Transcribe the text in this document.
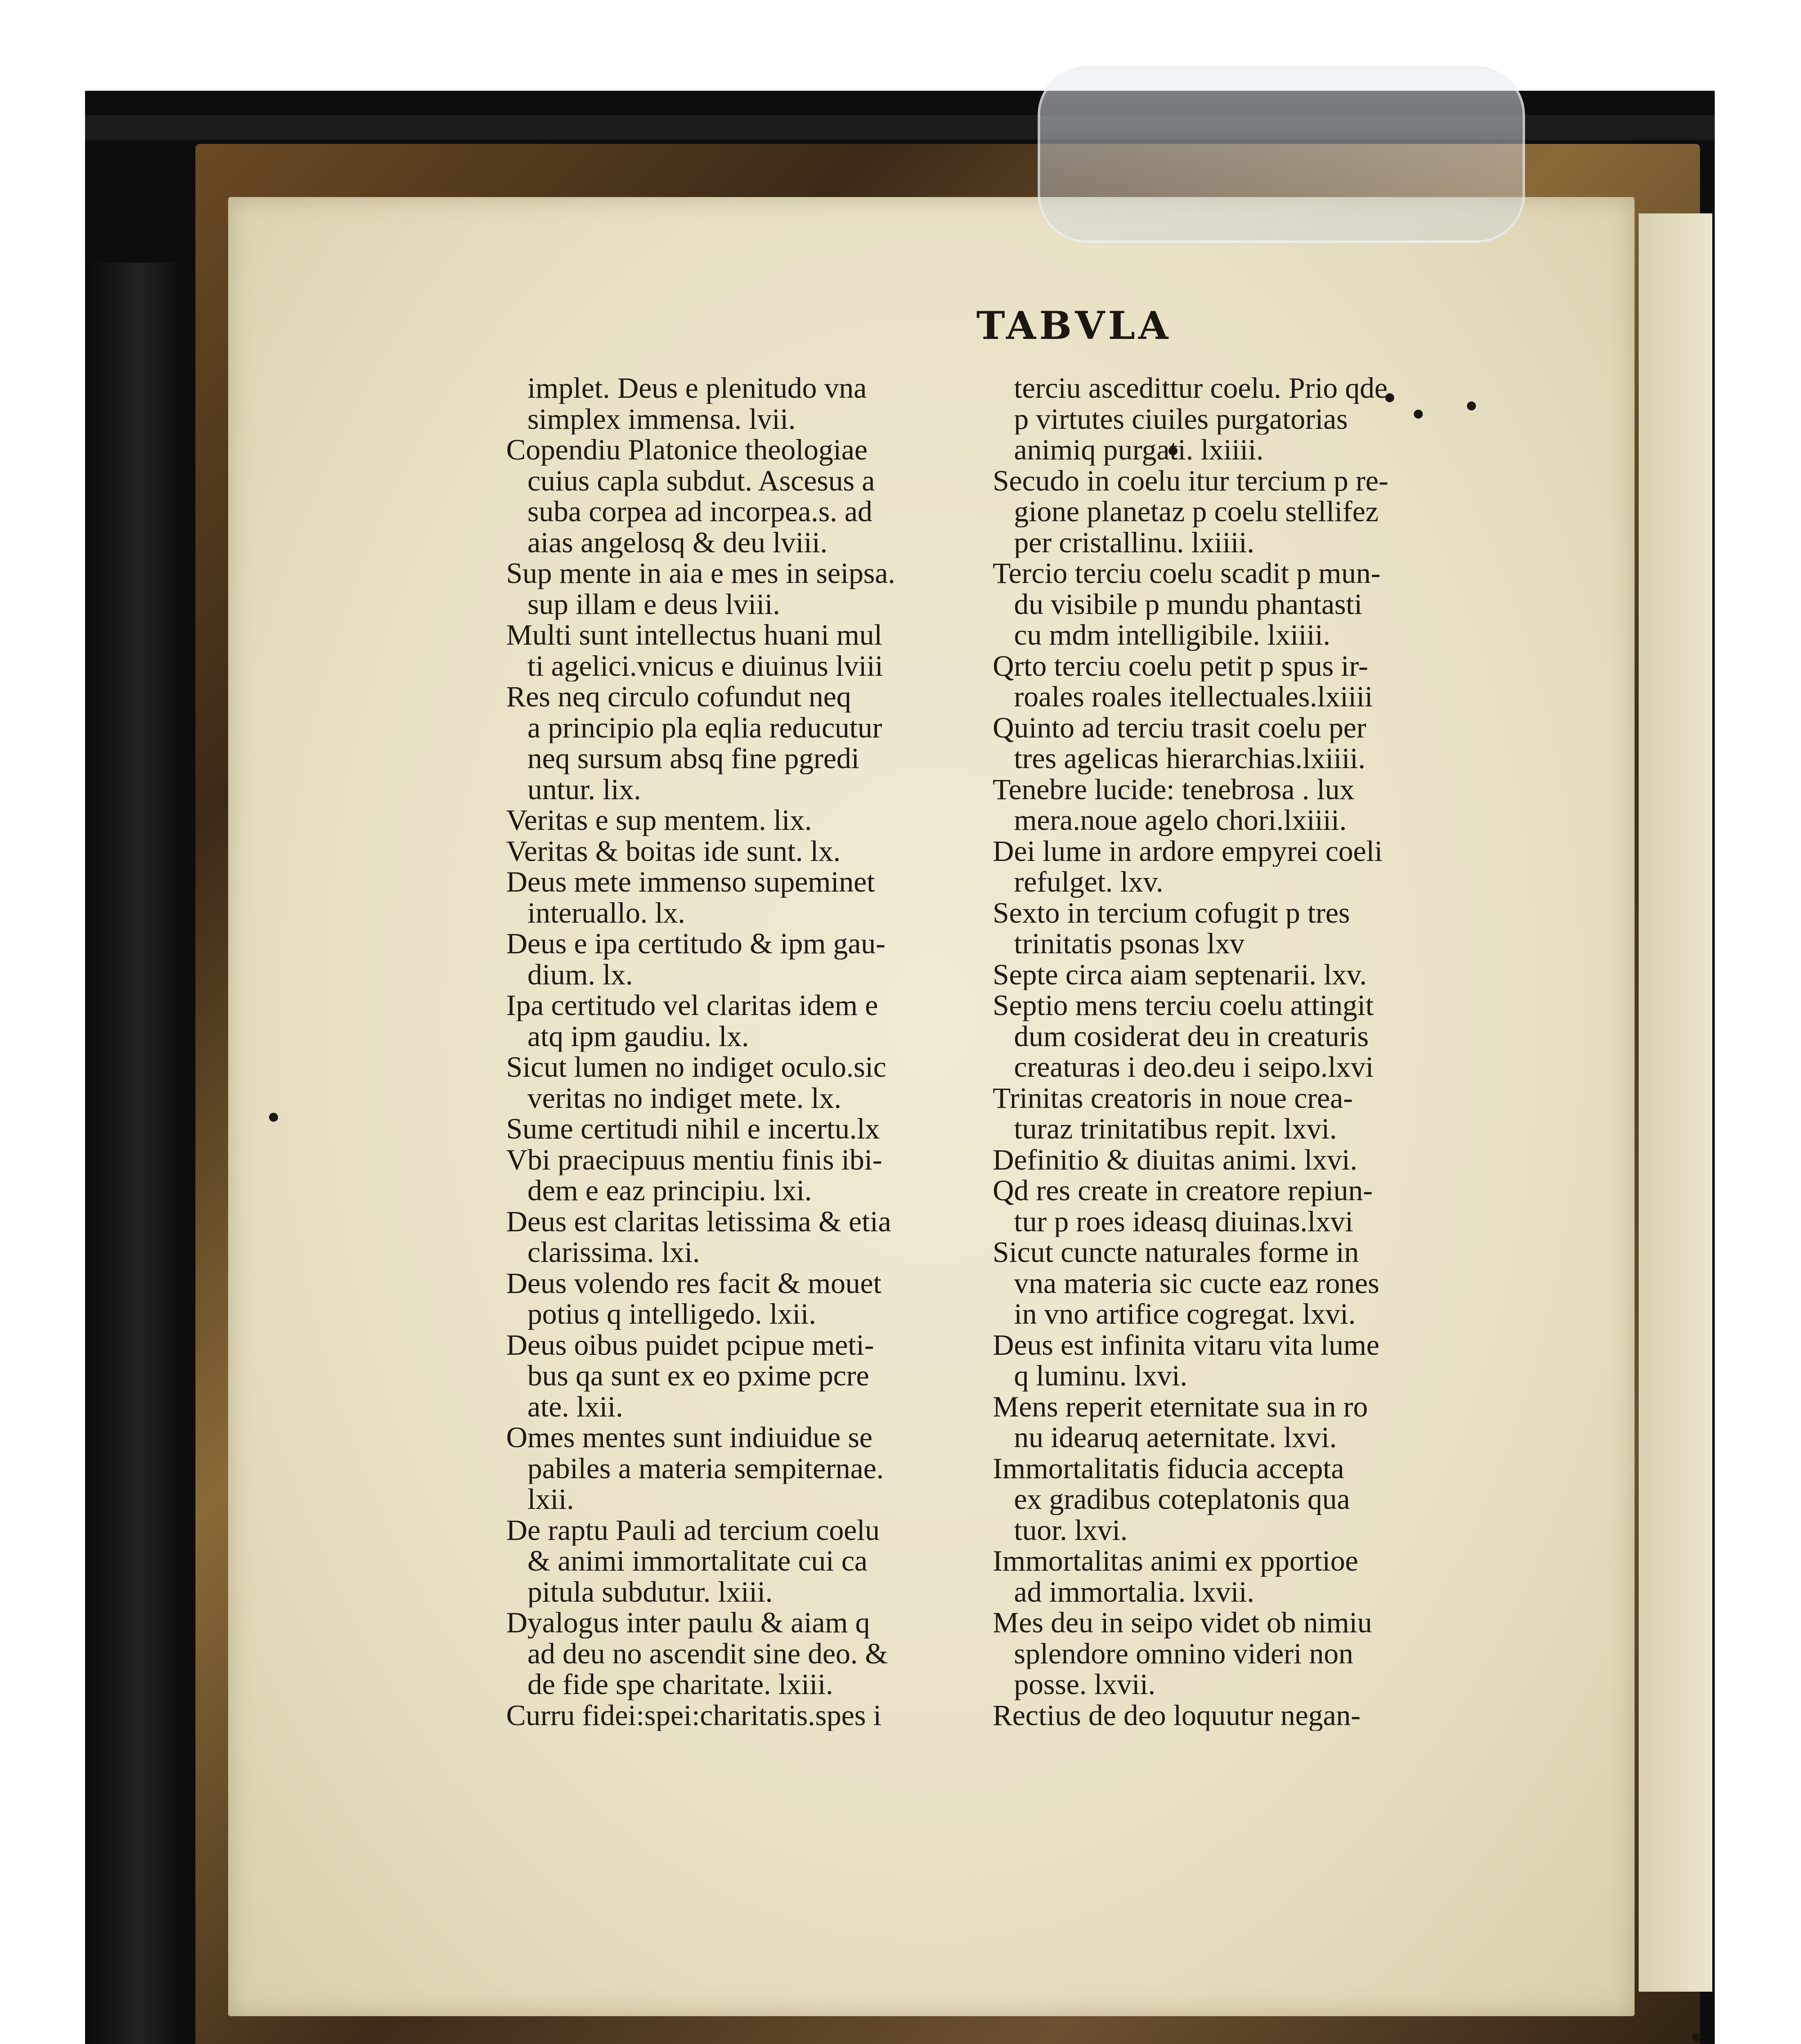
TABVLA
implet. Deus e plenitudo vna
simplex immensa. lvii.
Copendiu Platonice theologiae
cuius capla subdut. Ascesus a
suba corpea ad incorpea.s. ad
aias angelosq & deu lviii.
Sup mente in aia e mes in seipsa.
sup illam e deus lviii.
Multi sunt intellectus huani mul
ti agelici.vnicus e diuinus lviii
Res neq circulo cofundut neq
a principio pla eqlia reducutur
neq sursum absq fine pgredi
untur. lix.
Veritas e sup mentem. lix.
Veritas & boitas ide sunt. lx.
Deus mete immenso supeminet
interuallo. lx.
Deus e ipa certitudo & ipm gau-
dium. lx.
Ipa certitudo vel claritas idem e
atq ipm gaudiu. lx.
Sicut lumen no indiget oculo.sic
veritas no indiget mete. lx.
Sume certitudi nihil e incertu.lx
Vbi praecipuus mentiu finis ibi-
dem e eaz principiu. lxi.
Deus est claritas letissima & etia
clarissima. lxi.
Deus volendo res facit & mouet
potius q intelligedo. lxii.
Deus oibus puidet pcipue meti-
bus qa sunt ex eo pxime pcre
ate. lxii.
Omes mentes sunt indiuidue se
pabiles a materia sempiternae.
lxii.
De raptu Pauli ad tercium coelu
& animi immortalitate cui ca
pitula subdutur. lxiii.
Dyalogus inter paulu & aiam q
ad deu no ascendit sine deo. &
de fide spe charitate. lxiii.
Curru fidei:spei:charitatis.spes i
terciu ascedittur coelu. Prio qde
p virtutes ciuiles purgatorias
animiq purgati. lxiiii.
Secudo in coelu itur tercium p re-
gione planetaz p coelu stellifez
per cristallinu. lxiiii.
Tercio terciu coelu scadit p mun-
du visibile p mundu phantasti
cu mdm intelligibile. lxiiii.
Qrto terciu coelu petit p spus ir-
roales roales itellectuales.lxiiii
Quinto ad terciu trasit coelu per
tres agelicas hierarchias.lxiiii.
Tenebre lucide: tenebrosa . lux
mera.noue agelo chori.lxiiii.
Dei lume in ardore empyrei coeli
refulget. lxv.
Sexto in tercium cofugit p tres
trinitatis psonas lxv
Septe circa aiam septenarii. lxv.
Septio mens terciu coelu attingit
dum cosiderat deu in creaturis
creaturas i deo.deu i seipo.lxvi
Trinitas creatoris in noue crea-
turaz trinitatibus repit. lxvi.
Definitio & diuitas animi. lxvi.
Qd res create in creatore repiun-
tur p roes ideasq diuinas.lxvi
Sicut cuncte naturales forme in
vna materia sic cucte eaz rones
in vno artifice cogregat. lxvi.
Deus est infinita vitaru vita lume
q luminu. lxvi.
Mens reperit eternitate sua in ro
nu idearuq aeternitate. lxvi.
Immortalitatis fiducia accepta
ex gradibus coteplatonis qua
tuor. lxvi.
Immortalitas animi ex pportioe
ad immortalia. lxvii.
Mes deu in seipo videt ob nimiu
splendore omnino videri non
posse. lxvii.
Rectius de deo loquutur negan-
